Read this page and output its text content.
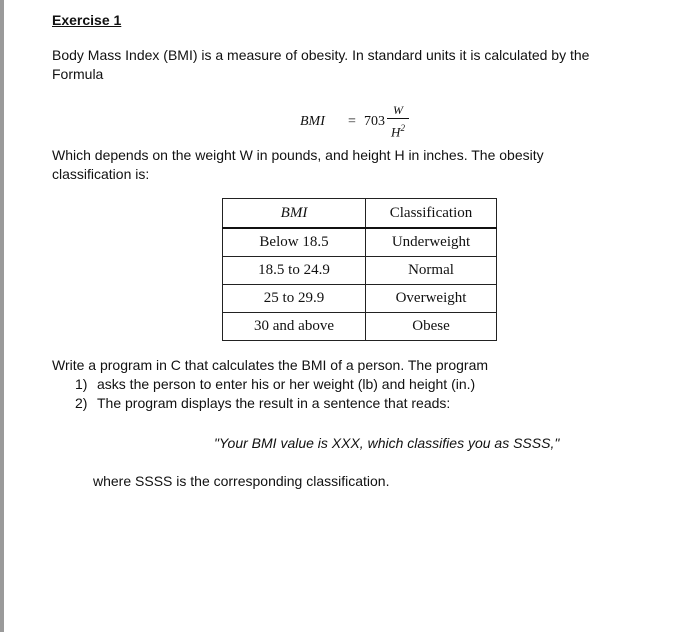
Exercise 1
Body Mass Index (BMI) is a measure of obesity. In standard units it is calculated by the
Formula
BMI = 703
W
$H^2$
Which depends on the weight W in pounds, and height H in inches. The obesity
classification is:
BMI	Classification
Below 18.5	Underweight
18.5 to 24.9	Normal
25 to 29.9	Overweight
30 and above	Obese
Write a program in C that calculates the BMI of a person. The program
1) asks the person to enter his or her weight (lb) and height (in.)
2) The program displays the result in a sentence that reads:
"Your BMI value is XXX, which classifies you as SSSS,"
where SSSS is the corresponding classification.
